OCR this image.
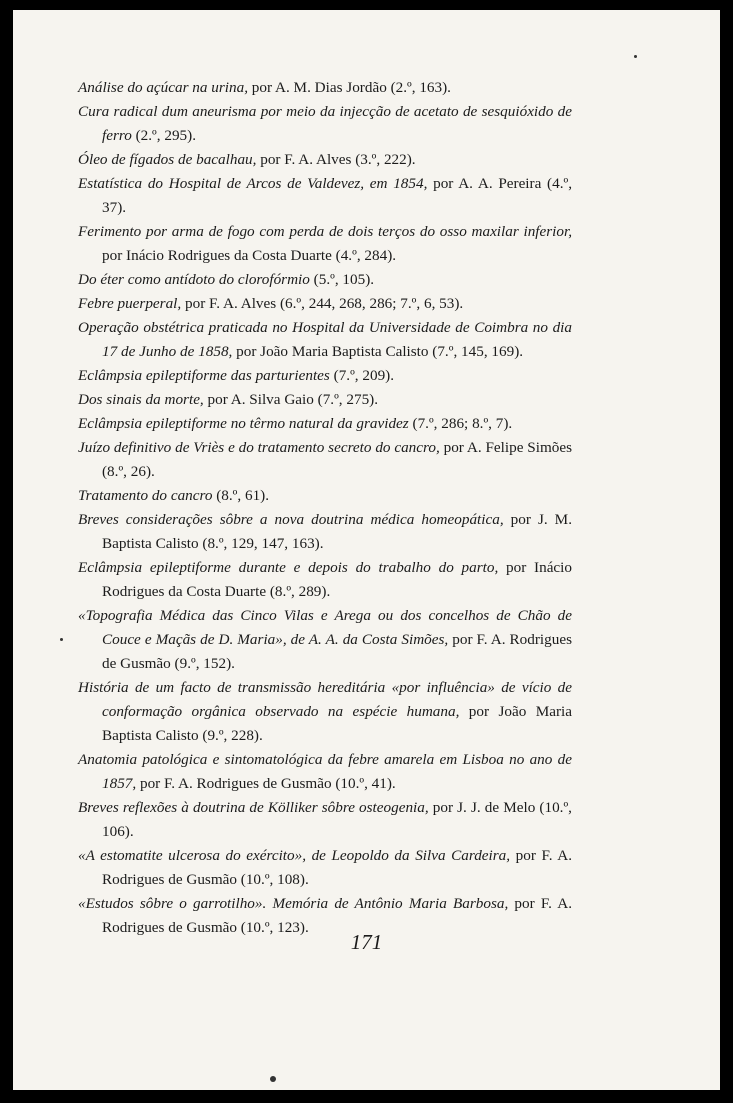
Análise do açúcar na urina, por A. M. Dias Jordão (2.º, 163).
Cura radical dum aneurisma por meio da injecção de acetato de sesquióxido de ferro (2.º, 295).
Óleo de fígados de bacalhau, por F. A. Alves (3.º, 222).
Estatística do Hospital de Arcos de Valdevez, em 1854, por A. A. Pereira (4.º, 37).
Ferimento por arma de fogo com perda de dois terços do osso maxilar inferior, por Inácio Rodrigues da Costa Duarte (4.º, 284).
Do éter como antídoto do clorofórmio (5.º, 105).
Febre puerperal, por F. A. Alves (6.º, 244, 268, 286; 7.º, 6, 53).
Operação obstétrica praticada no Hospital da Universidade de Coimbra no dia 17 de Junho de 1858, por João Maria Baptista Calisto (7.º, 145, 169).
Eclâmpsia epileptiforme das parturientes (7.º, 209).
Dos sinais da morte, por A. Silva Gaio (7.º, 275).
Eclâmpsia epileptiforme no têrmo natural da gravidez (7.º, 286; 8.º, 7).
Juízo definitivo de Vriès e do tratamento secreto do cancro, por A. Felipe Simões (8.º, 26).
Tratamento do cancro (8.º, 61).
Breves considerações sôbre a nova doutrina médica homeopática, por J. M. Baptista Calisto (8.º, 129, 147, 163).
Eclâmpsia epileptiforme durante e depois do trabalho do parto, por Inácio Rodrigues da Costa Duarte (8.º, 289).
«Topografia Médica das Cinco Vilas e Arega ou dos concelhos de Chão de Couce e Maçãs de D. Maria», de A. A. da Costa Simões, por F. A. Rodrigues de Gusmão (9.º, 152).
História de um facto de transmissão hereditária «por influência» de vício de conformação orgânica observado na espécie humana, por João Maria Baptista Calisto (9.º, 228).
Anatomia patológica e sintomatológica da febre amarela em Lisboa no ano de 1857, por F. A. Rodrigues de Gusmão (10.º, 41).
Breves reflexões à doutrina de Kölliker sôbre osteogenia, por J. J. de Melo (10.º, 106).
«A estomatite ulcerosa do exército», de Leopoldo da Silva Cardeira, por F. A. Rodrigues de Gusmão (10.º, 108).
«Estudos sôbre o garrotilho». Memória de Antônio Maria Barbosa, por F. A. Rodrigues de Gusmão (10.º, 123).
171
